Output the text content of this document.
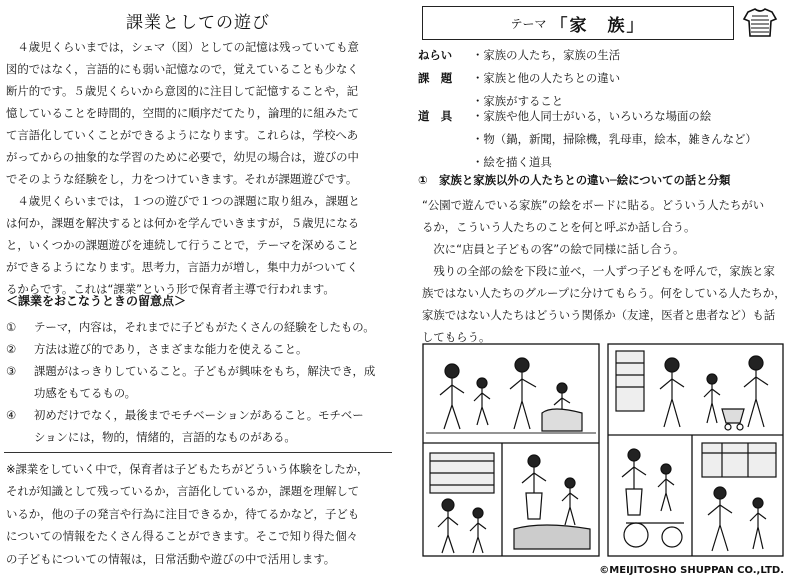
課業としての遊び
　４歳児くらいまでは，シェマ（図）としての記憶は残っていても意
図的ではなく，言語的にも弱い記憶なので，覚えていることも少なく
断片的です。５歳児くらいから意図的に注目して記憶することや，記
憶していることを時間的，空間的に順序だてたり，論理的に組みたて
て言語化していくことができるようになります。これらは，学校へあ
がってからの抽象的な学習のために必要で，幼児の場合は，遊びの中
でそのような経験をし，力をつけていきます。それが課題遊びです。
　４歳児くらいまでは，１つの遊びで１つの課題に取り組み，課題と
は何か，課題を解決するとは何かを学んでいきますが，５歳児になる
と，いくつかの課題遊びを連続して行うことで，テーマを深めること
ができるようになります。思考力，言語力が増し，集中力がついてく
るからです。これは“課業”という形で保育者主導で行われます。
＜課業をおこなうときの留意点＞
① テーマ，内容は，それまでに子どもがたくさんの経験をしたもの。
② 方法は遊び的であり，さまざまな能力を使えること。
③ 課題がはっきりしていること。子どもが興味をもち，解決でき，成
功感をもてるもの。
④ 初めだけでなく，最後までモチベーションがあること。モチベー
ションには，物的，情緒的，言語的なものがある。
※課業をしていく中で，保育者は子どもたちがどういう体験をしたか，
それが知識として残っているか，言語化しているか，課題を理解して
いるか，他の子の発言や行為に注目できるか，待てるかなど，子ども
についての情報をたくさん得ることができます。そこで知り得た個々
の子どもについての情報は，日常活動や遊びの中で活用します。
テーマ 「家　族」
ねらい	・家族の人たち，家族の生活
課　題	・家族と他の人たちとの違い
・家族がすること
道　具	・家族や他人同士がいる，いろいろな場面の絵
・物（鍋，新聞，掃除機，乳母車，絵本，雑きんなど）
・絵を描く道具
①　家族と家族以外の人たちとの違い─絵についての話と分類
“公園で遊んでいる家族”の絵をボードに貼る。どういう人たちがい
るか，こういう人たちのことを何と呼ぶか話し合う。
　次に“店員と子どもの客”の絵で同様に話し合う。
　残りの全部の絵を下段に並べ，一人ずつ子どもを呼んで，家族と家
族ではない人たちのグループに分けてもらう。何をしている人たちか，
家族ではない人たちはどういう関係か（友達，医者と患者など）も話
してもらう。
©MEIJITOSHO SHUPPAN CO.,LTD.
